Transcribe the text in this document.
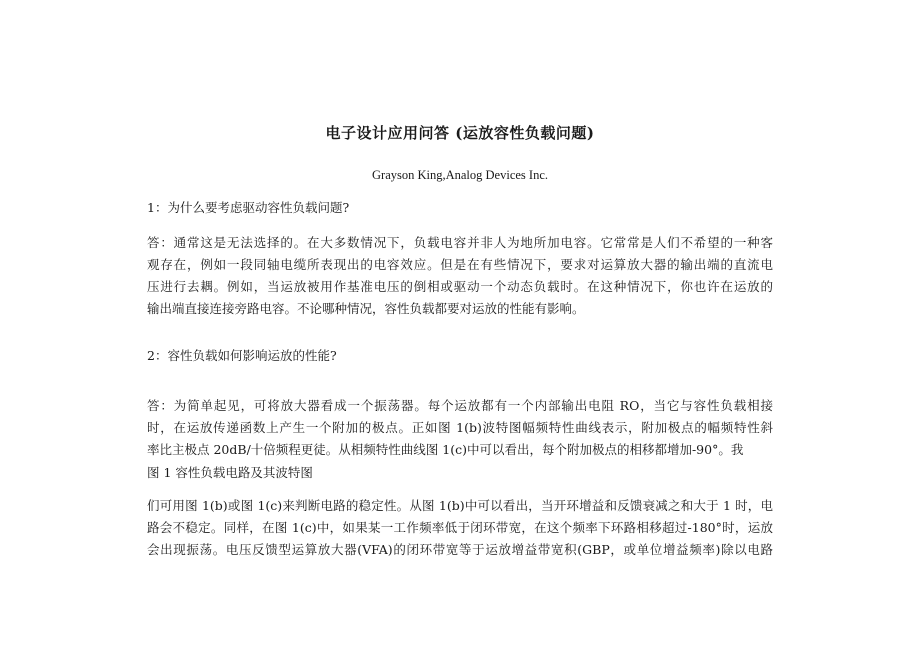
电子设计应用问答 (运放容性负载问题)
Grayson King,Analog Devices Inc.

1：为什么要考虑驱动容性负载问题?

答：通常这是无法选择的。在大多数情况下，负载电容并非人为地所加电容。它常常是人们不希望的一种客
观存在，例如一段同轴电缆所表现出的电容效应。但是在有些情况下，要求对运算放大器的输出端的直流电
压进行去耦。例如，当运放被用作基准电压的倒相或驱动一个动态负载时。在这种情况下，你也许在运放的
输出端直接连接旁路电容。不论哪种情况，容性负载都要对运放的性能有影响。

2：容性负载如何影响运放的性能?

答：为简单起见，可将放大器看成一个振荡器。每个运放都有一个内部输出电阻 RO，当它与容性负载相接
时，在运放传递函数上产生一个附加的极点。正如图 1(b)波特图幅频特性曲线表示，附加极点的幅频特性斜
率比主极点 20dB/十倍频程更徒。从相频特性曲线图 1(c)中可以看出，每个附加极点的相移都增加-90°。我

图 1 容性负载电路及其波特图

们可用图 1(b)或图 1(c)来判断电路的稳定性。从图 1(b)中可以看出，当开环增益和反馈衰减之和大于 1 时，电
路会不稳定。同样，在图 1(c)中，如果某一工作频率低于闭环带宽，在这个频率下环路相移超过-180°时，运放
会出现振荡。电压反馈型运算放大器(VFA)的闭环带宽等于运放增益带宽积(GBP，或单位增益频率)除以电路
